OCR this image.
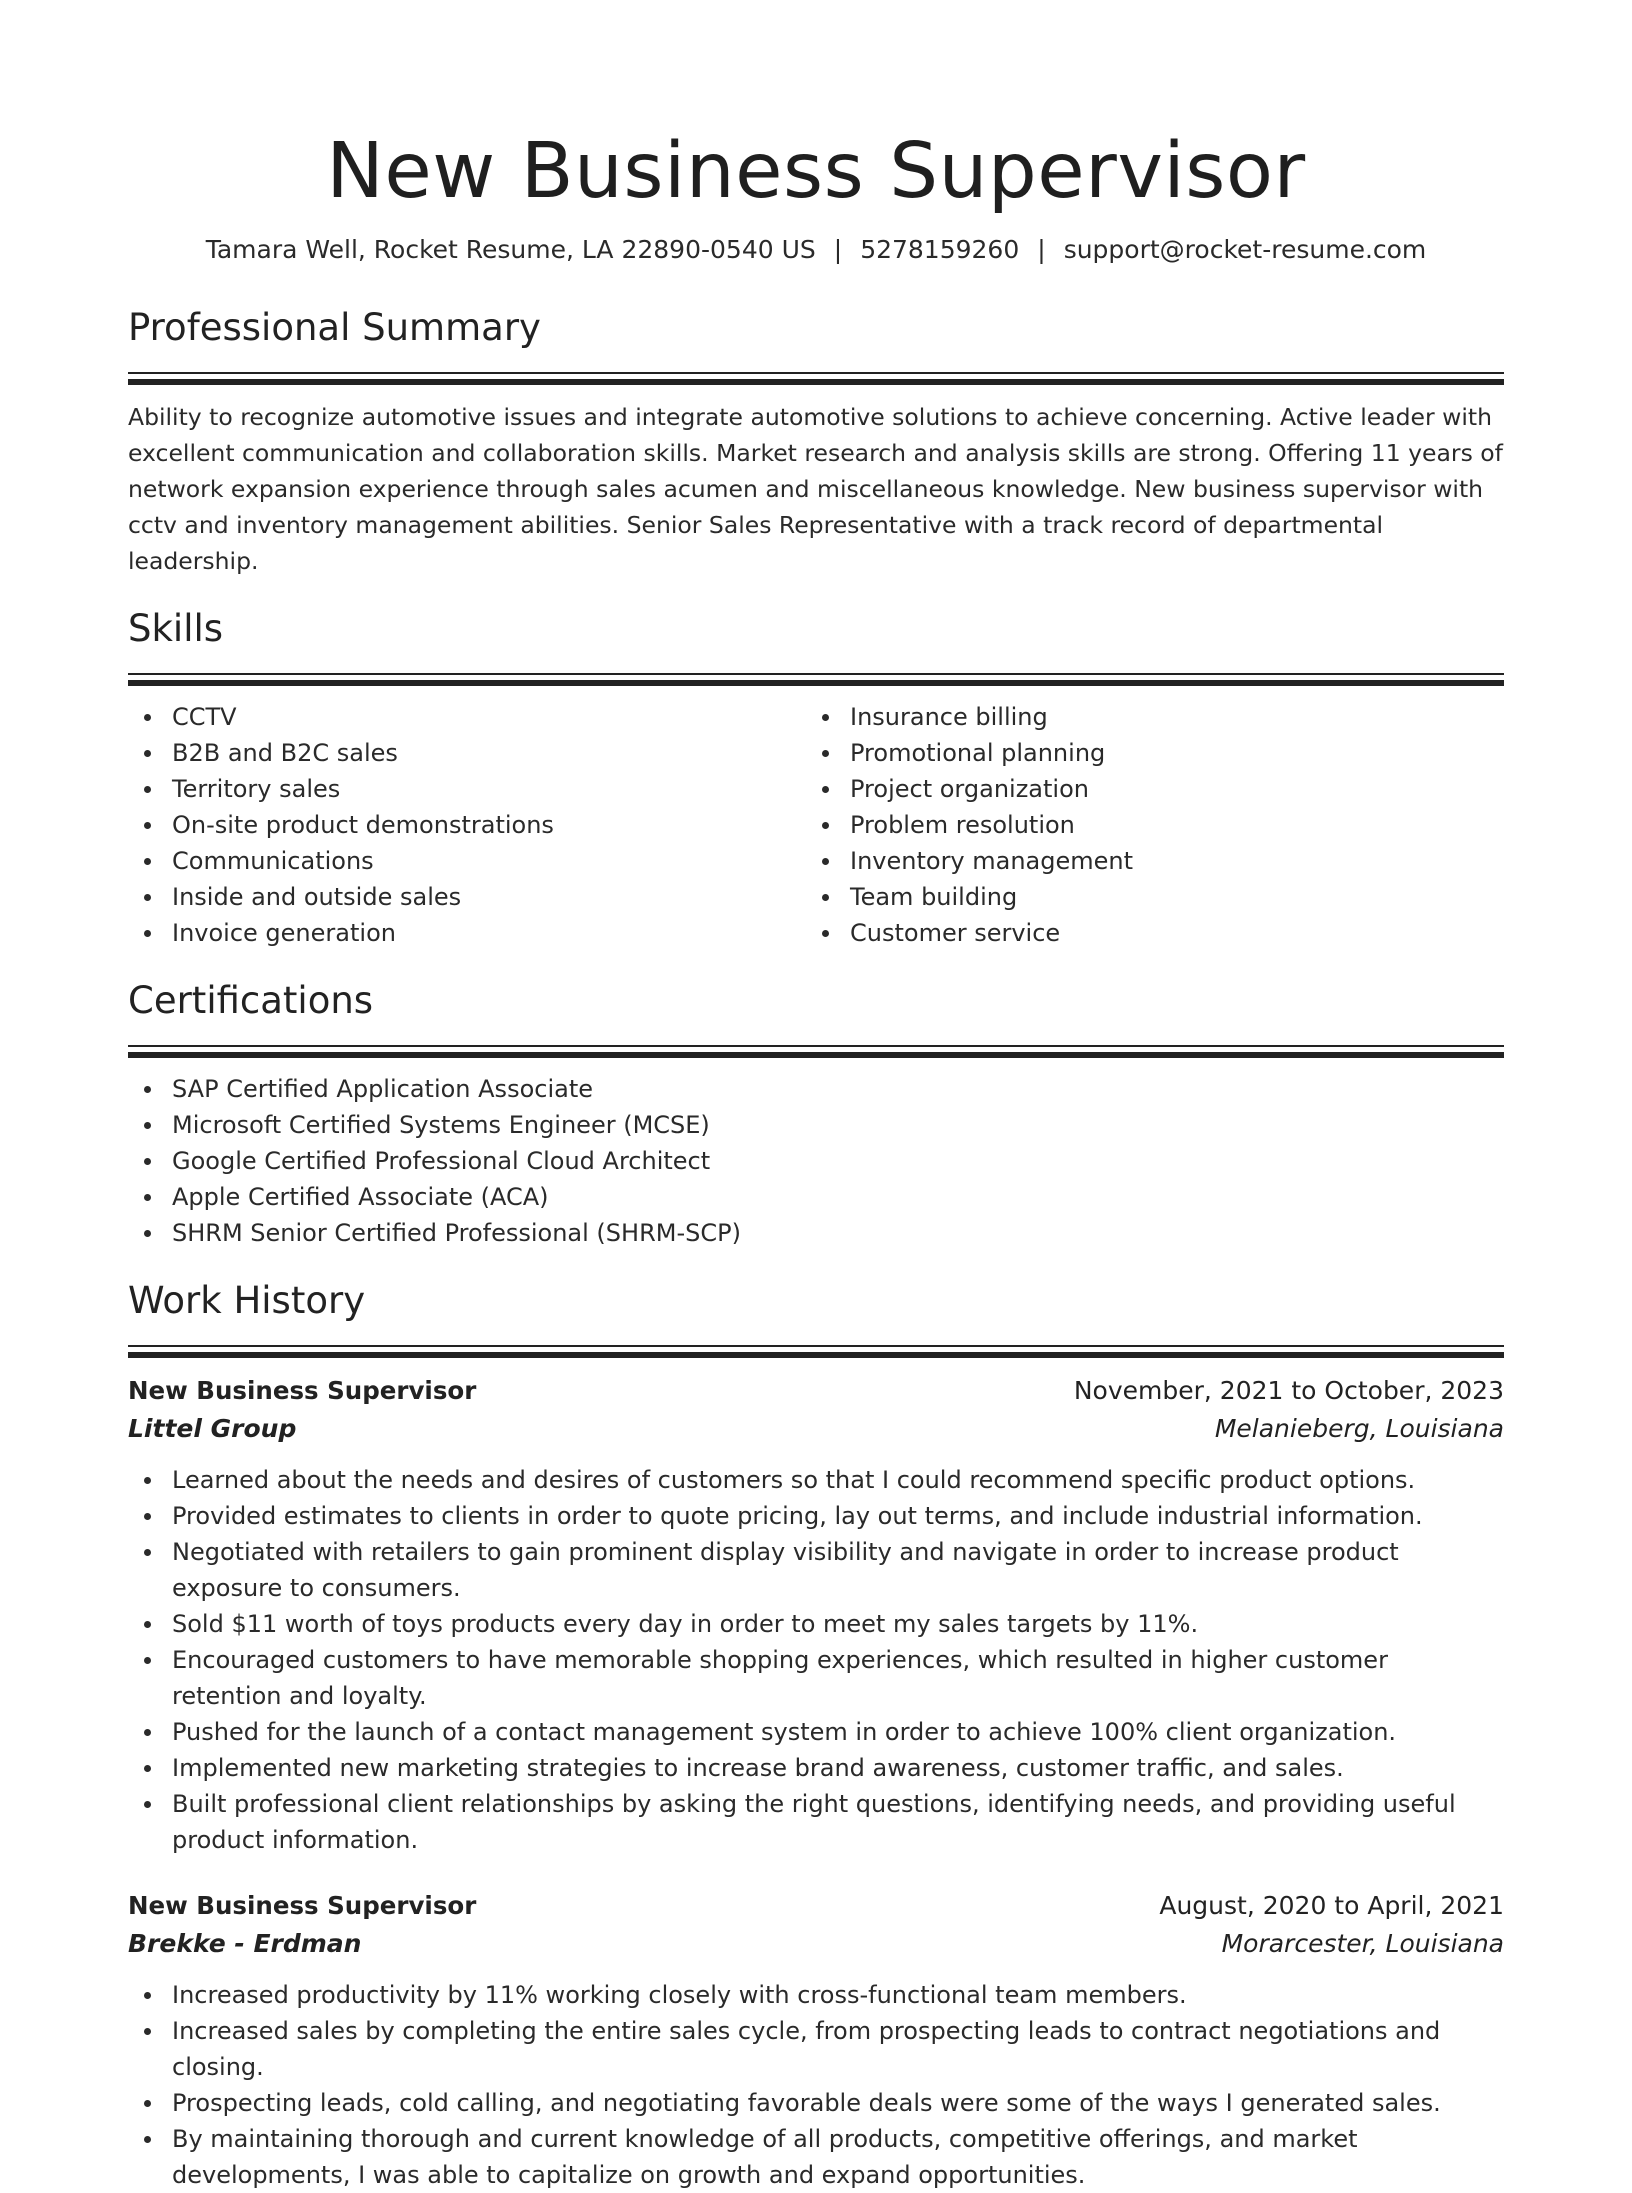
New Business Supervisor
Tamara Well, Rocket Resume, LA 22890-0540 US | 5278159260 | support@rocket-resume.com
Professional Summary

Ability to recognize automotive issues and integrate automotive solutions to achieve concerning. Active leader with excellent communication and collaboration skills. Market research and analysis skills are strong. Offering 11 years of network expansion experience through sales acumen and miscellaneous knowledge. New business supervisor with cctv and inventory management abilities. Senior Sales Representative with a track record of departmental leadership.

Skills
CCTV
B2B and B2C sales
Territory sales
On-site product demonstrations
Communications
Inside and outside sales
Invoice generation
Insurance billing
Promotional planning
Project organization
Problem resolution
Inventory management
Team building
Customer service
Certifications
SAP Certified Application Associate
Microsoft Certified Systems Engineer (MCSE)
Google Certified Professional Cloud Architect
Apple Certified Associate (ACA)
SHRM Senior Certified Professional (SHRM-SCP)
Work History
New Business Supervisor	November, 2021 to October, 2023
Littel Group	Melanieberg, Louisiana
Learned about the needs and desires of customers so that I could recommend specific product options.
Provided estimates to clients in order to quote pricing, lay out terms, and include industrial information.
Negotiated with retailers to gain prominent display visibility and navigate in order to increase product exposure to consumers.
Sold $11 worth of toys products every day in order to meet my sales targets by 11%.
Encouraged customers to have memorable shopping experiences, which resulted in higher customer retention and loyalty.
Pushed for the launch of a contact management system in order to achieve 100% client organization.
Implemented new marketing strategies to increase brand awareness, customer traffic, and sales.
Built professional client relationships by asking the right questions, identifying needs, and providing useful product information.
New Business Supervisor	August, 2020 to April, 2021
Brekke - Erdman	Morarcester, Louisiana
Increased productivity by 11% working closely with cross-functional team members.
Increased sales by completing the entire sales cycle, from prospecting leads to contract negotiations and closing.
Prospecting leads, cold calling, and negotiating favorable deals were some of the ways I generated sales.
By maintaining thorough and current knowledge of all products, competitive offerings, and market developments, I was able to capitalize on growth and expand opportunities.
